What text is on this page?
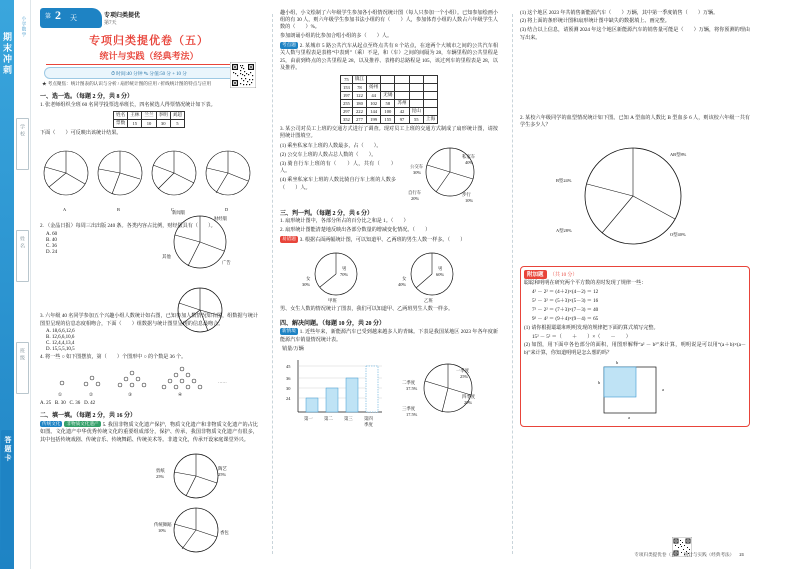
期末冲刺
小学数学
学校
姓名
班级
答题卡
第 2 天	专项归类提优
第7天
专项归类提优卷（五）
统计与实践（经典考法）
⏱ 时间:40 分钟 ✎ 分值:50 分 + 10 分
★ 考点聚焦：统计图表的认识与分析 / 扇形统计图的应用 / 折线统计图的特点与应用
一、选一选。（每题 2 分，共 8 分）
1. 张老师组织全班 60 名同学投票选举班长，四名候选人得票情况统计如下表。
姓名	王林	兰兰	李明	刘超
票数	15	10	30	5
下面（　　）可反映出该统计结果。
A	B	C	D
2. （金晶日报）每周三出出版 240 条。各类内容占比例，财经版具有（　　）。
A. 60
B. 40
C. 36
D. 24
新闻版
财经版
广告
其他
3. 六年级 40 名同学参加五个兴趣小组人数统计如右图，已知参加人数情况如右图，组数据与统计图里呈现的信息态度相吻合，下面（　　）组数据与统计图里呈现的信息最吻合。
A. 18,6,6,12,6
B. 12,6,6,10,6
C. 12,4,4,13,4
D. 15,5,5,10,5
4. 将一些 ○ 如下图摆放，第（　　）个图形中 ○ 的个数是 36 个。
①	②	③	④
……
A. 25 B. 30 C. 36 D. 42
二、填一填。（每题 2 分，共 16 分）
传统文化 非物质文化遗产 5. 我国非物质文化遗产保护，物质文化遗产和非物质文化遗产的占比如图。文化遗产中华优秀传统文化的重要组成部分，保护、传承，我国非物质文化遗产有很多，其中包括传统戏剧、传统音乐、传统舞蹈、传统美术等。非遗文化，传承开设家庭课堂外兴。
剪纸
25%
陶艺
25%
传统舞蹈
10%	香包
趣小组，小文绘制了六年级学生参加各小组情况统计图（每人只参加一个小组）。已知参加绘画小组的有 30 人，则六年级学生参加书法小组的有（　　）人，参加体育小组的人数占六年级学生人数的（　　）%。
参加朗诵小组的比参加合唱小组的多（　　）人。
考点题 2. 某城市 5 路公共汽车从起点至终点共有 8 个站点，在途两个大城市之间的公共汽车相关人数与里程表是表格“中表到”（乘）不是，和（车）之间的间隔为 28，车辆里程的公共里程是 25，由前到终点的公共里程是 28，以及推荐、表格的总路程是 105，该过列车的里程表是 28，以及推荐。
75	镇江					
153	78	扬州				
197	122	44	无锡			
255	180	102	58	苏州		
297	222	144	100	42	昆山	
352	277	199	155	97	55	上海
3. 某公司对员工上班的交通方式进行了调查。现对员工上班的交通方式制成了扇形统计图，请按照统计图填空。
(1) 乘坐私家车上班的人数最多，占（　　）。
(2) 公交车上班的人数占总人数的（　　）。
(3) 骑自行车上班的有（　　）人，共有（　　）人。
(4) 乘坐私家车上班的人数比骑自行车上班的人数多（　　）人。
私家车
40%
公交车
30%
自行车
20%
步行
10%
三、判一判。（每题 2 分，共 6 分）
1. 扇形统计图中，各部分所占的百分比之和是 1。（　　）
2. 扇形统计图能清楚地反映出各部分数量的增减变化情况。（　　）
易错题 3. 根据右面两幅统计图，可以知道甲、乙两班的男生人数一样多。（　　）
男
70%
女
30%
甲班
男
60%
女
40%
乙班
男、女生人数的情况统计了图表，我们可以知道甲、乙两班男生人数一样多。
四、解决问题。（每题 10 分，共 20 分）
新情境 1. 近些年来，新能源汽车已受到越来越多人的青睐。下表是我国某地区 2023 年各年度新能源汽车销量情况统计表。
销量/万辆
45
36
30
24
第一	第二	第三	第四
季度
一季度
25%
四季度
20%
三季度
17.5%
二季度
37.5%
(1) 这个地区 2023 年共销售新能源汽车（　　）万辆，其中第一季度销售（　　）万辆。
(2) 将上面的条形统计图和扇形统计图中缺失的数据填上、画完整。
(3) 结合以上信息，请预测 2024 年这个地区新能源汽车的销售量可能是（　　）万辆，将你预测的理由写出来。
2. 某校六年级同学的血型情况统计如下图。已知 A 型血的人数比 B 型血多 6 人，则该校六年级一共有学生多少人？
AB型8%
B型24%
A型28%
O型40%
附加题 （共 10 分）
聪聪和明明在研究两个平方数的差时发现了规律一些：
4² － 2² ＝ (4＋2)×(4－2) ＝ 12
5² － 3² ＝ (5＋3)×(5－3) ＝ 16
7² － 2² ＝ (7＋3)×(7－3) ＝ 40
9² － 4² ＝ (9＋4)×(9－4) ＝ 65
(1) 请你根据聪聪和明明发现的规律把下面的算式填写完整。
15² － 5² ＝（　　＋　　）×（　　－　　）
(2) 如图，用下面中各色部分的面积，用图形解释“a² － b²”来计算，明明说是可以用“(a＋b)×(a－b)”来计算，你知道明明是怎么想的吗？
b
b
a
a
专项归类提优卷（五） 统计与实践（经典考法） 21
